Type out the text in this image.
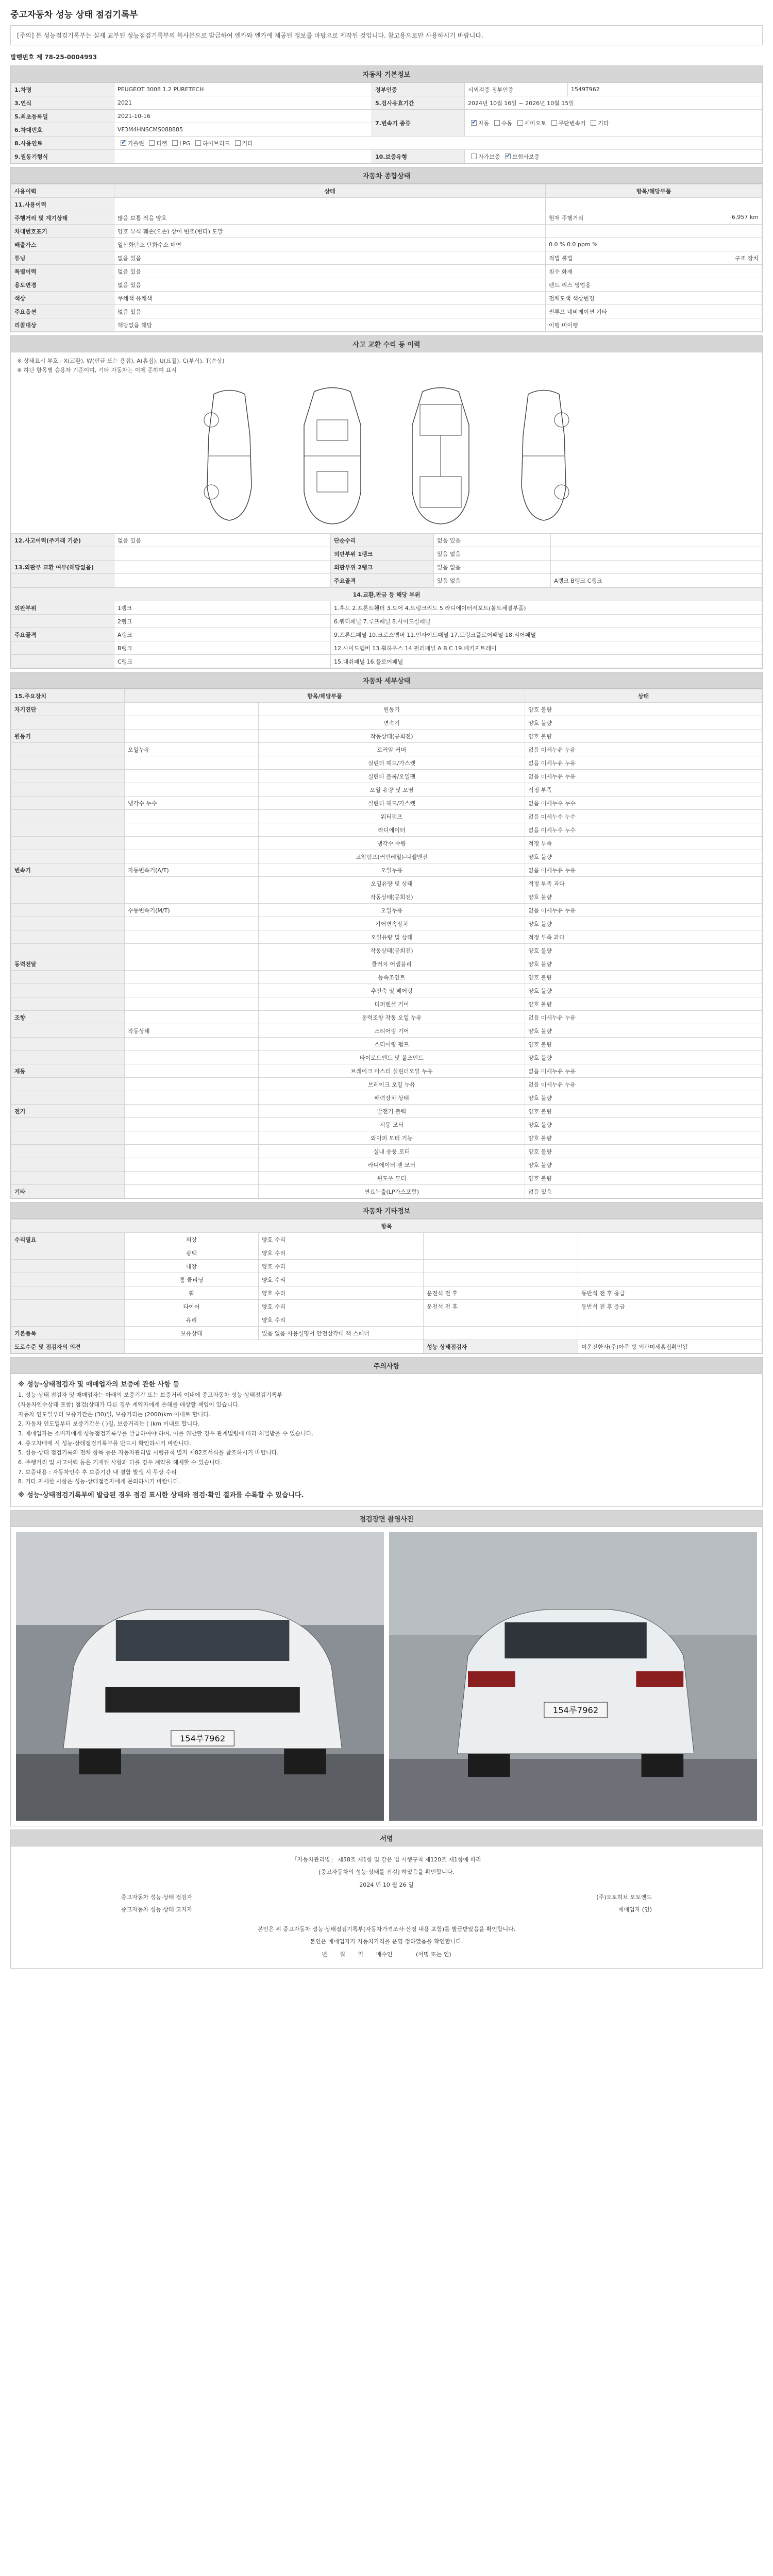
중고자동차 성능 상태 점검기록부
[주의] 본 성능점검기록부는 실제 교부된 성능점검기록부의 복사본으로 발급하여 엔카와 엔카에 제공된 정보를 바탕으로 제작된 것입니다. 참고용으로만 사용하시기 바랍니다.
발행번호 제 78-25-0004993
자동차 기본정보
1.차명	PEUGEOT 3008 1.2 PURETECH	정부인증	시외검증 정부인증	1549T962
3.연식	2021	5.검사유효기간	2024년 10월 16일 ~ 2026년 10월 15일	
5.최초등록일	2021-10-16	7.변속기 종류	✔자동 수동 세미오토 무단변속기 기타
6.차대번호	VF3M4HNSCMS088885			
8.사용연료	✔가솔린 디젤 LPG 하이브리드 기타
9.원동기형식		10.보증유형	자가보증 ✔ 보험사보증
자동차 종합상태
사용이력	상태	항목/해당부품
11.사용이력		

주행거리 및 계기상태	많음 보통 적음 양호	현재 주행거리 6,957 km

차대번호표기	양호 부식 훼손(오손) 상이 변조(변타) 도말	

배출가스	일산화탄소 탄화수소 매연	0.0 % 0.0 ppm %

튜닝	없음 있음	적법 불법 구조 장치

특별이력	없음 있음	침수 화재

용도변경	없음 있음	렌트 리스 영업용

색상	무채색 유채색	전체도색 색상변경

주요옵션	없음 있음	썬루프 네비게이션 기타

리콜대상	해당없음 해당	이행 미이행
사고 교환 수리 등 이력
※ 상태표시 부호 : X(교환), W(판금 또는 용접), A(흠집), U(요철), C(부식), T(손상)
※ 하단 항목별 승용차 기준이며, 기타 자동차는 이에 준하여 표시
12.사고이력(주거래 기준)	없음 있음	단순수리	없음 있음	
		외판부위 1랭크	있음 없음	
13.외판부 교환 여부(해당없음)		외판부위 2랭크	있음 없음	
		주요골격	있음 없음	A랭크 B랭크 C랭크
14.교환,판금 등 해당 부위		
외판부위	1랭크	1.후드 2.프론트휀더 3.도어 4.트렁크리드 5.라디에이터서포트(볼트체결부품)
	2랭크	6.쿼터패널 7.루프패널 8.사이드실패널
주요골격	A랭크	9.프론트패널 10.크로스멤버 11.인사이드패널 17.트렁크플로어패널 18.리어패널
	B랭크	12.사이드멤버 13.휠하우스 14.필러패널 A B C 19.패키지트레이
	C랭크	15.대쉬패널 16.플로어패널
자동차 세부상태
15.주요장치	항목/해당부품		상태
자기진단		원동기	양호 불량
		변속기	양호 불량
원동기		작동상태(공회전)	양호 불량
	오일누유	로커암 커버	없음 미세누유 누유
		실린더 헤드/가스켓	없음 미세누유 누유
		실린더 블록/오일팬	없음 미세누유 누유
		오일 유량 및 오염	적정 부족
	냉각수 누수	실린더 헤드/가스켓	없음 미세누수 누수
		워터펌프	없음 미세누수 누수
		라디에이터	없음 미세누수 누수
		냉각수 수량	적정 부족
		고압펌프(커먼레일)-디젤엔진	양호 불량
변속기	자동변속기(A/T)	오일누유	없음 미세누유 누유
		오일유량 및 상태	적정 부족 과다
		작동상태(공회전)	양호 불량
	수동변속기(M/T)	오일누유	없음 미세누유 누유
		기어변속장치	양호 불량
		오일유량 및 상태	적정 부족 과다
		작동상태(공회전)	양호 불량
동력전달		클러치 어셈블리	양호 불량
		등속조인트	양호 불량
		추진축 및 베어링	양호 불량
		디퍼렌셜 기어	양호 불량
조향		동력조향 작동 오일 누유	없음 미세누유 누유
	작동상태	스티어링 기어	양호 불량
		스티어링 펌프	양호 불량
		타이로드엔드 및 볼조인트	양호 불량
제동		브레이크 마스터 실린더오일 누유	없음 미세누유 누유
		브레이크 오일 누유	없음 미세누유 누유
		배력장치 상태	양호 불량
전기		발전기 출력	양호 불량
		시동 모터	양호 불량
		와이퍼 모터 기능	양호 불량
		실내 송풍 모터	양호 불량
		라디에이터 팬 모터	양호 불량
		윈도우 모터	양호 불량
기타		연료누출(LP가스포함)	없음 있음
자동차 기타정보
항목				
수리필요	외장	양호 수리		
	광택	양호 수리		
	내장	양호 수리		
	룸 클리닝	양호 수리		
	휠	양호 수리	운전석 전 후	동반석 전 후 응급
	타이어	양호 수리	운전석 전 후	동반석 전 후 응급
	유리	양호 수리		
기본품목	보유상태	있음 없음 사용설명서 안전삼각대 잭 스패너		
도로수준 및 점검자의 의견			성능 상태점검자	미운전한자(주)아주 방 외관미세흠집확인됨
주의사항
※ 성능·상태점검자 및 매매업자의 보증에 관한 사항 등
1. 성능·상태 점검자 및 매매업자는 아래의 보증기간 또는 보증거리 이내에 중고자동차 성능·상태점검기록부
(자동차인수상태 포함) 점검(상태가 다른 경우 계약자에게 손해를 배상할 책임이 있습니다.
자동차 인도일부터 보증기간은 (30)일, 보증거리는 (2000)km 이내로 합니다.
2. 자동차 인도일부터 보증기간은 ( )일, 보증거리는 ( )km 이내로 합니다.
3. 매매업자는 소비자에게 성능점검기록부를 발급하여야 하며, 이를 위반할 경우 관계법령에 따라 처벌받을 수 있습니다.
4. 증고차매매 시 성능·상태점검기록부를 반드시 확인하시기 바랍니다.
5. 성능·상태 점검기록의 전체 항목 등은 자동차관리법 시행규칙 별지 제82호서식을 참조하시기 바랍니다.
6. 주행거리 및 사고이력 등은 기재된 사항과 다를 경우 계약을 해제할 수 있습니다.
7. 보증내용 : 자동차인수 후 보증기간 내 결함 발생 시 무상 수리
8. 기타 자세한 사항은 성능·상태점검자에게 문의하시기 바랍니다.
※ 성능·상태점검기록부에 발급된 경우 점검 표시한 상태와 점검·확인 결과를 수록할 수 있습니다.
점검장면 촬영사진
154루7962
154루7962
서명
「자동차관리법」 제58조 제1항 및 같은 법 시행규칙 제120조 제1항에 따라
[중고자동차의 성능·상태를 점검] 하였음을 확인합니다.
2024 년 10 월 26 일
중고자동차 성능·상태 점검자	(주)오토허브 오토앤드
중고자동차 성능·상태 고지자	매매업자 (인)
본인은 위 중고자동차 성능·상태점검기록부(자동차가격조사·산정 내용 포함)를 발급받았음을 확인합니다.
본인은 매매업자가 자동차가격을 운영 정하였음을 확인합니다.
년 월 일 매수인	(서명 또는 인)
